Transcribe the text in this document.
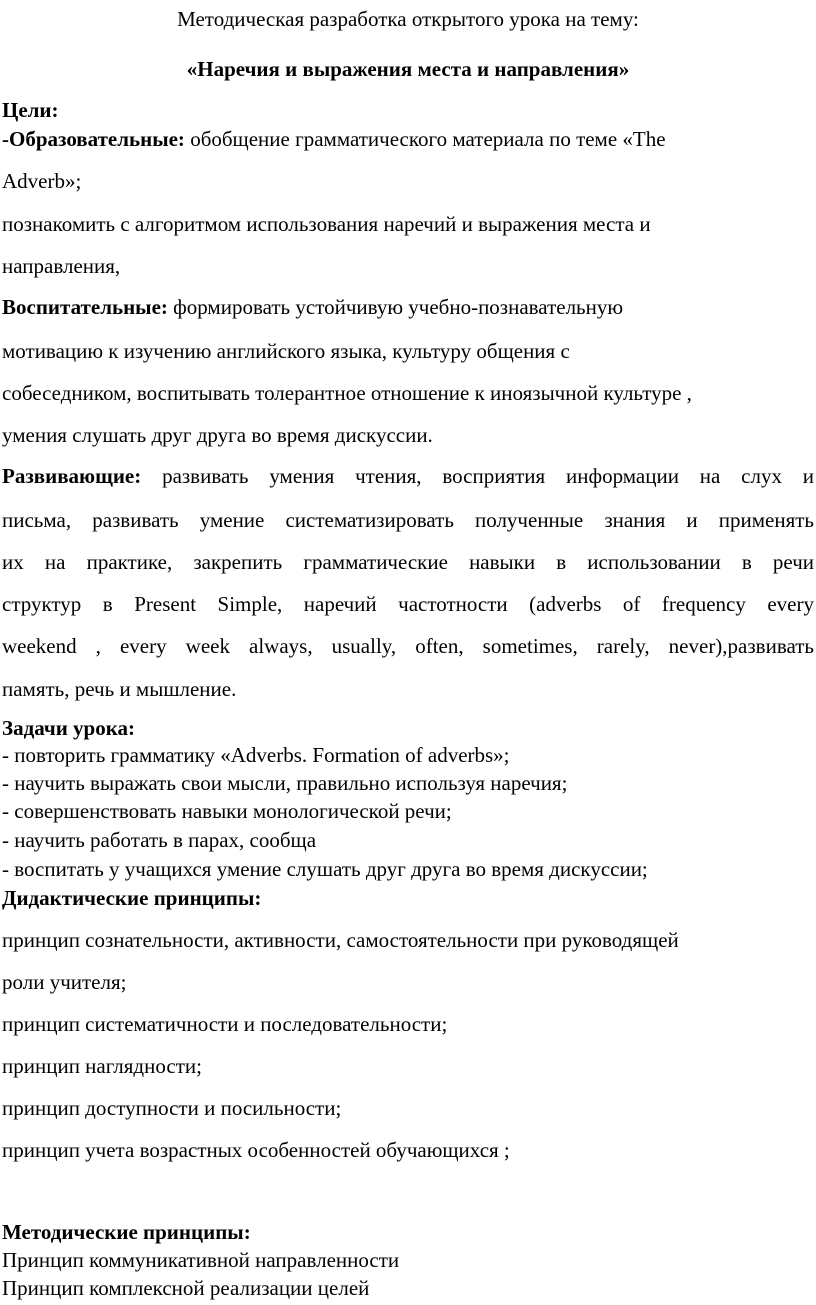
Методическая разработка открытого урока на тему:
«Наречия и выражения места и направления»
Цели:
-Образовательные: обобщение грамматического материала по теме «The
Adverb»;
познакомить с алгоритмом использования наречий и выражения места и
направления,
Воспитательные: формировать устойчивую учебно-познавательную
мотивацию к изучению английского языка, культуру общения с
собеседником, воспитывать толерантное отношение к иноязычной культуре ,
умения слушать друг друга во время дискуссии.
Развивающие: развивать умения чтения, восприятия информации на слух и
письма, развивать умение систематизировать полученные знания и применять
их на практике, закрепить грамматические навыки в использовании в речи
структур в Present Simple, наречий частотности (adverbs of frequency every
weekend , every week always, usually, often, sometimes, rarely, never),развивать
память, речь и мышление.
Задачи урока:
- повторить грамматику «Adverbs. Formation of adverbs»;
- научить выражать свои мысли, правильно используя наречия;
- совершенствовать навыки монологической речи;
- научить работать в парах, сообща
- воспитать у учащихся умение слушать друг друга во время дискуссии;
Дидактические принципы:
принцип сознательности, активности, самостоятельности при руководящей
роли учителя;
принцип систематичности и последовательности;
принцип наглядности;
принцип доступности и посильности;
принцип учета возрастных особенностей обучающихся ;
Методические принципы:
Принцип коммуникативной направленности
Принцип комплексной реализации целей
